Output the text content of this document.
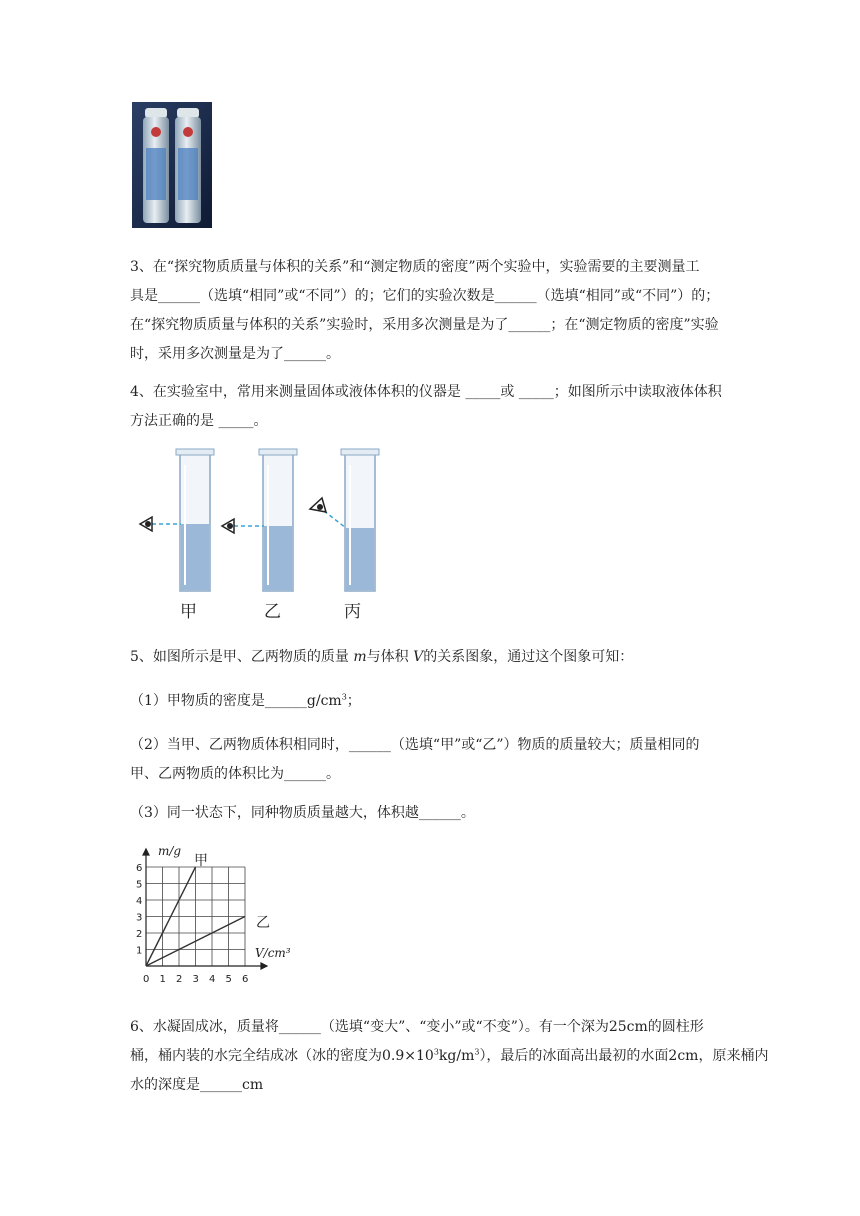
3、在“探究物质质量与体积的关系”和“测定物质的密度”两个实验中，实验需要的主要测量工
具是______（选填“相同”或“不同”）的；它们的实验次数是______（选填“相同”或“不同”）的；
在“探究物质质量与体积的关系”实验时，采用多次测量是为了______；在“测定物质的密度”实验
时，采用多次测量是为了______。
4、在实验室中，常用来测量固体或液体体积的仪器是 _____或 _____；如图所示中读取液体体积
方法正确的是 _____。
甲	乙	丙
5、如图所示是甲、乙两物质的质量 m与体积 V的关系图象，通过这个图象可知：
（1）甲物质的密度是$\_\_\_\_\_\_g/cm^3$；
（2）当甲、乙两物质体积相同时，______（选填“甲”或“乙”）物质的质量较大；质量相同的
甲、乙两物质的体积比为______。
（3）同一状态下，同种物质质量越大，体积越______。
1
2
3
4
5
6
0 1 2 3 4 5 6
m/g
V/cm³
甲
乙
6、水凝固成冰，质量将______（选填“变大”、“变小”或“不变”）。有一个深为25cm的圆柱形
桶，桶内装的水完全结成冰（冰的密度为$0.9\times 10^3kg/m^3$），最后的冰面高出最初的水面2cm，原来桶内
水的深度是______cm
